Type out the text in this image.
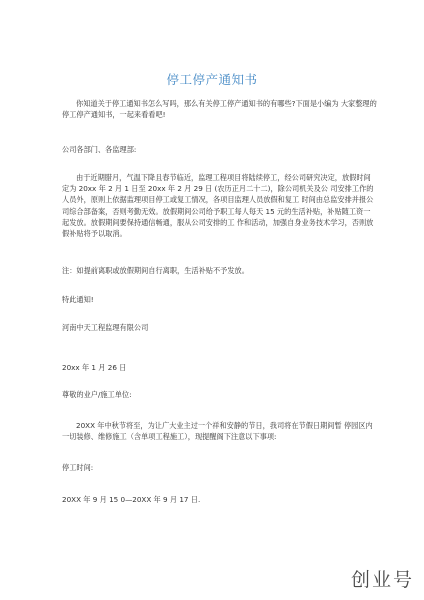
停工停产通知书

你知道关于停工通知书怎么写吗，那么有关停工停产通知书的有哪些?下面是小编为 大家整理的停工停产通知书，一起来看看吧!

公司各部门、各监理部:

由于近期腊月，气温下降且春节临近，监理工程项目将陆续停工，经公司研究决定，放假时间定为 20xx 年 2 月 1 日至 20xx 年 2 月 29 日 (农历正月二十二)，除公司机关及公 司安排工作的人员外，原则上依据监理项目停工或复工情况，各项目监理人员放假和复工 时间由总监安排并报公司综合部备案，否则考勤无效。放假期间公司给予职工每人每天 15 元的生活补贴，补贴随工资一起发放。放假期间要保持通信畅通，服从公司安排的工 作和活动，加强自身业务技术学习，否则放假补贴将予以取消。

注：如提前离职或放假期间自行离职，生活补贴不予发放。

特此通知!

河南中天工程监理有限公司

20xx 年 1 月 26 日

尊敬的业户/施工单位:

20XX 年中秋节将至，为让广大业主过一个祥和安静的节日，我司将在节假日期间暂 停园区内一切装修、维修施工（含单项工程施工），现提醒阁下注意以下事项:

停工时间:

20XX 年 9 月 15 0—20XX 年 9 月 17 日.

创业号
